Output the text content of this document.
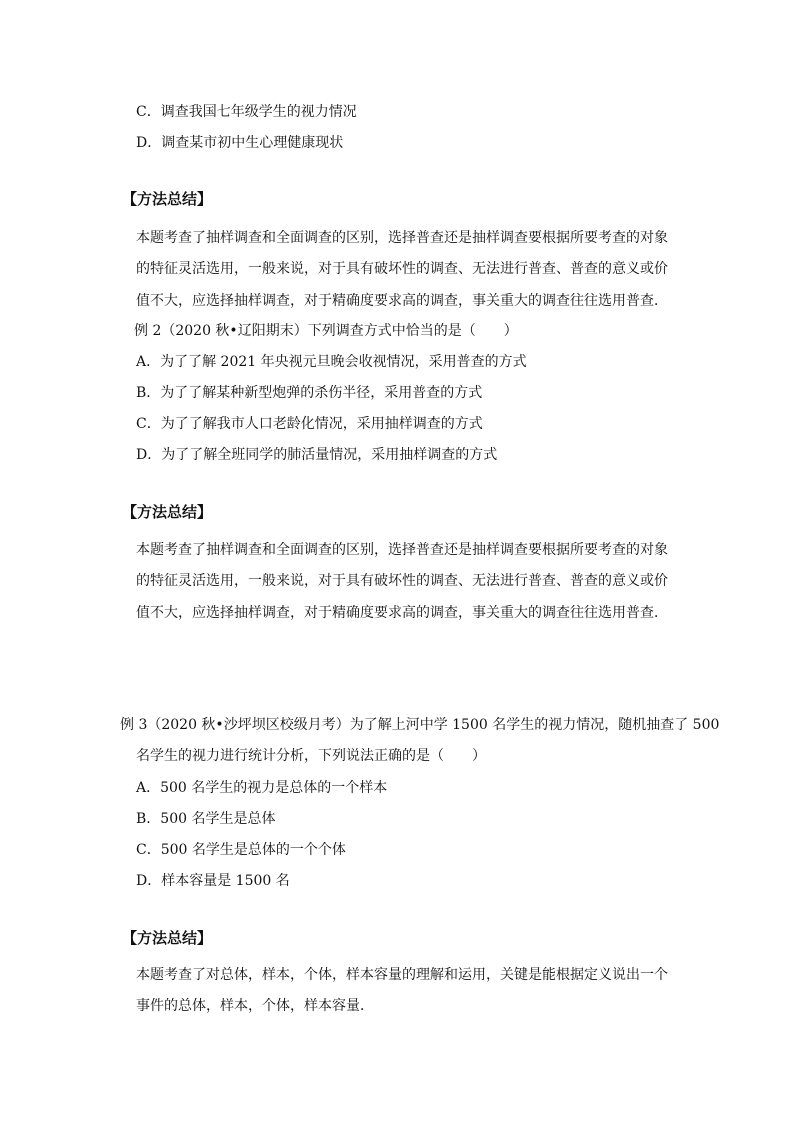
C．调查我国七年级学生的视力情况
D．调查某市初中生心理健康现状
【方法总结】
本题考查了抽样调查和全面调查的区别，选择普查还是抽样调查要根据所要考查的对象
的特征灵活选用，一般来说，对于具有破坏性的调查、无法进行普查、普查的意义或价
值不大，应选择抽样调查，对于精确度要求高的调查，事关重大的调查往往选用普查．
例 2（2020 秋•辽阳期末）下列调查方式中恰当的是（　　）
A．为了了解 2021 年央视元旦晚会收视情况，采用普查的方式
B．为了了解某种新型炮弹的杀伤半径，采用普查的方式
C．为了了解我市人口老龄化情况，采用抽样调查的方式
D．为了了解全班同学的肺活量情况，采用抽样调查的方式
【方法总结】
本题考查了抽样调查和全面调查的区别，选择普查还是抽样调查要根据所要考查的对象
的特征灵活选用，一般来说，对于具有破坏性的调查、无法进行普查、普查的意义或价
值不大，应选择抽样调查，对于精确度要求高的调查，事关重大的调查往往选用普查．
例 3（2020 秋•沙坪坝区校级月考）为了解上河中学 1500 名学生的视力情况，随机抽查了 500
名学生的视力进行统计分析，下列说法正确的是（　　）
A．500 名学生的视力是总体的一个样本
B．500 名学生是总体
C．500 名学生是总体的一个个体
D．样本容量是 1500 名
【方法总结】
本题考查了对总体，样本，个体，样本容量的理解和运用，关键是能根据定义说出一个
事件的总体，样本，个体，样本容量．
